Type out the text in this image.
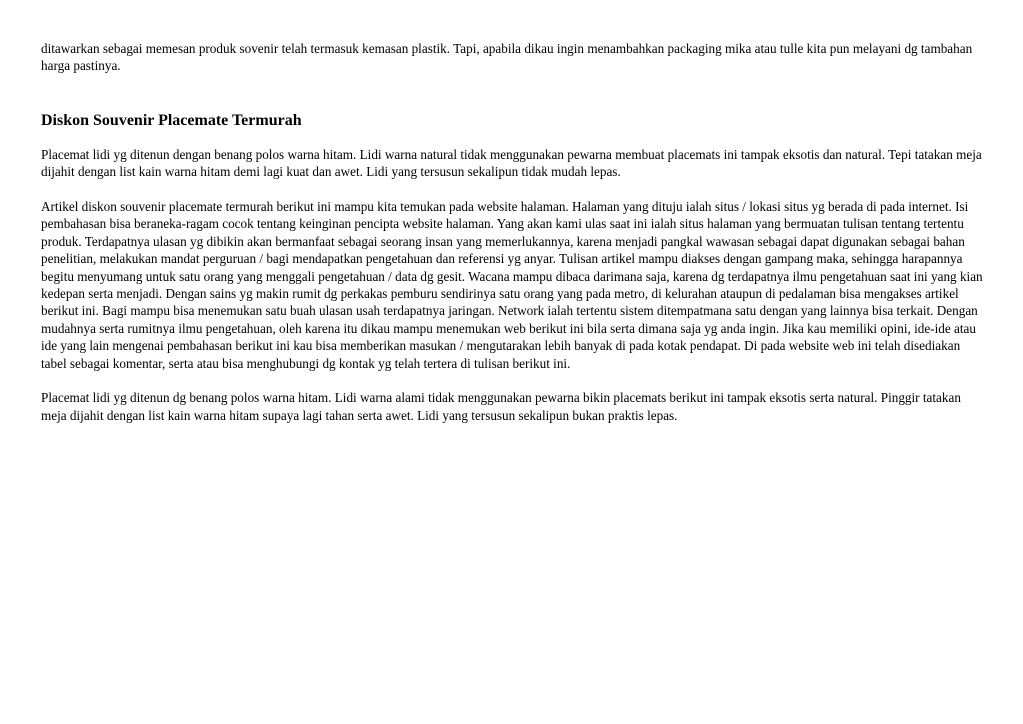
ditawarkan sebagai memesan produk sovenir telah termasuk kemasan plastik. Tapi, apabila dikau ingin menambahkan packaging mika atau tulle kita pun melayani dg tambahan harga pastinya.

Diskon Souvenir Placemate Termurah

Placemat lidi yg ditenun dengan benang polos warna hitam. Lidi warna natural tidak menggunakan pewarna membuat placemats ini tampak eksotis dan natural. Tepi tatakan meja dijahit dengan list kain warna hitam demi lagi kuat dan awet. Lidi yang tersusun sekalipun tidak mudah lepas.

Artikel diskon souvenir placemate termurah berikut ini mampu kita temukan pada website halaman. Halaman yang dituju ialah situs / lokasi situs yg berada di pada internet. Isi pembahasan bisa beraneka-ragam cocok tentang keinginan pencipta website halaman. Yang akan kami ulas saat ini ialah situs halaman yang bermuatan tulisan tentang tertentu produk. Terdapatnya ulasan yg dibikin akan bermanfaat sebagai seorang insan yang memerlukannya, karena menjadi pangkal wawasan sebagai dapat digunakan sebagai bahan penelitian, melakukan mandat perguruan / bagi mendapatkan pengetahuan dan referensi yg anyar. Tulisan artikel mampu diakses dengan gampang maka, sehingga harapannya begitu menyumang untuk satu orang yang menggali pengetahuan / data dg gesit. Wacana mampu dibaca darimana saja, karena dg terdapatnya ilmu pengetahuan saat ini yang kian kedepan serta menjadi. Dengan sains yg makin rumit dg perkakas pemburu sendirinya satu orang yang pada metro, di kelurahan ataupun di pedalaman bisa mengakses artikel berikut ini. Bagi mampu bisa menemukan satu buah ulasan usah terdapatnya jaringan. Network ialah tertentu sistem ditempatmana satu dengan yang lainnya bisa terkait. Dengan mudahnya serta rumitnya ilmu pengetahuan, oleh karena itu dikau mampu menemukan web berikut ini bila serta dimana saja yg anda ingin. Jika kau memiliki opini, ide-ide atau ide yang lain mengenai pembahasan berikut ini kau bisa memberikan masukan / mengutarakan lebih banyak di pada kotak pendapat. Di pada website web ini telah disediakan tabel sebagai komentar, serta atau bisa menghubungi dg kontak yg telah tertera di tulisan berikut ini.

Placemat lidi yg ditenun dg benang polos warna hitam. Lidi warna alami tidak menggunakan pewarna bikin placemats berikut ini tampak eksotis serta natural. Pinggir tatakan meja dijahit dengan list kain warna hitam supaya lagi tahan serta awet. Lidi yang tersusun sekalipun bukan praktis lepas.
